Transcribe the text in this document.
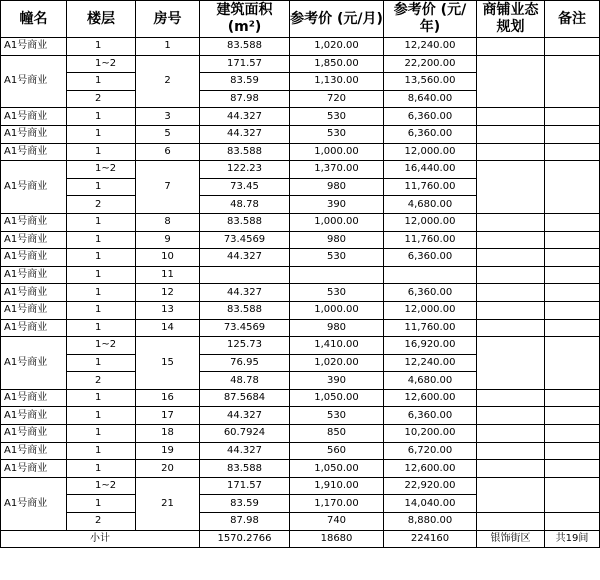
幢名	楼层	房号	建筑面积 (m²)	参考价 (元/月)	参考价 (元/年)	商铺业态规划	备注
A1号商业	1	1	83.588	1,020.00	12,240.00		
A1号商业	1~2	2	171.57	1,850.00	22,200.00		
	1		83.59	1,130.00	13,560.00		
	2		87.98	720	8,640.00		
A1号商业	1	3	44.327	530	6,360.00		
A1号商业	1	5	44.327	530	6,360.00		
A1号商业	1	6	83.588	1,000.00	12,000.00		
A1号商业	1~2	7	122.23	1,370.00	16,440.00		
	1		73.45	980	11,760.00		
	2		48.78	390	4,680.00		
A1号商业	1	8	83.588	1,000.00	12,000.00		
A1号商业	1	9	73.4569	980	11,760.00		
A1号商业	1	10	44.327	530	6,360.00		
A1号商业	1	11					
A1号商业	1	12	44.327	530	6,360.00		
A1号商业	1	13	83.588	1,000.00	12,000.00		
A1号商业	1	14	73.4569	980	11,760.00		
A1号商业	1~2	15	125.73	1,410.00	16,920.00		
	1		76.95	1,020.00	12,240.00		
	2		48.78	390	4,680.00		
A1号商业	1	16	87.5684	1,050.00	12,600.00		
A1号商业	1	17	44.327	530	6,360.00		
A1号商业	1	18	60.7924	850	10,200.00		
A1号商业	1	19	44.327	560	6,720.00		
A1号商业	1	20	83.588	1,050.00	12,600.00		
A1号商业	1~2	21	171.57	1,910.00	22,920.00		
	1		83.59	1,170.00	14,040.00		
	2		87.98	740	8,880.00		
小计			1570.2766	18680	224160	银饰街区	共19间
